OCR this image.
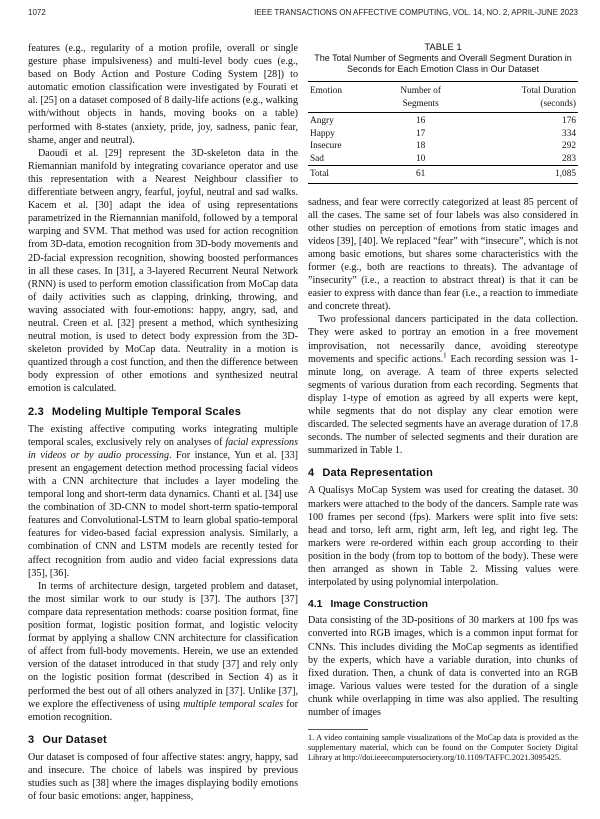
1072	IEEE TRANSACTIONS ON AFFECTIVE COMPUTING, VOL. 14, NO. 2, APRIL-JUNE 2023

features (e.g., regularity of a motion profile, overall or single gesture phase impulsiveness) and multi-level body cues (e.g., based on Body Action and Posture Coding System [28]) to automatic emotion classification were investigated by Fourati et al. [25] on a dataset composed of 8 daily-life actions (e.g., walking with/without objects in hands, moving books on a table) performed with 8-states (anxiety, pride, joy, sadness, panic fear, shame, anger and neutral).

Daoudi et al. [29] represent the 3D-skeleton data in the Riemannian manifold by integrating covariance operator and use this representation with a Nearest Neighbour classifier to differentiate between angry, fearful, joyful, neutral and sad walks. Kacem et al. [30] adapt the idea of using representations parametrized in the Riemannian manifold, followed by a temporal warping and SVM. That method was used for action recognition from 3D-data, emotion recognition from 3D-body movements and 2D-facial expression recognition, showing boosted performances in all these cases. In [31], a 3-layered Recurrent Neural Network (RNN) is used to perform emotion classification from MoCap data of daily activities such as clapping, drinking, throwing, and waving associated with four-emotions: happy, angry, sad, and neutral. Creen et al. [32] present a method, which synthesizing neutral motion, is used to detect body expression from the 3D-skeleton provided by MoCap data. Neutrality in a motion is quantized through a cost function, and then the difference between body expression of other emotions and synthesized neutral emotion is calculated.

2.3 Modeling Multiple Temporal Scales

The existing affective computing works integrating multiple temporal scales, exclusively rely on analyses of facial expressions in videos or by audio processing. For instance, Yun et al. [33] present an engagement detection method processing facial videos with a CNN architecture that includes a layer modeling the temporal long and short-term data dynamics. Chanti et al. [34] use the combination of 3D-CNN to model short-term spatio-temporal features and Convolutional-LSTM to learn global spatio-temporal features for video-based facial expression analysis. Similarly, a combination of CNN and LSTM models are recently tested for affect recognition from audio and video facial expressions data [35], [36].

In terms of architecture design, targeted problem and dataset, the most similar work to our study is [37]. The authors [37] compare data representation methods: coarse position format, fine position format, logistic position format, and logistic velocity format by applying a shallow CNN architecture for classification of affect from full-body movements. Herein, we use an extended version of the dataset introduced in that study [37] and rely only on the logistic position format (described in Section 4) as it performed the best out of all others analyzed in [37]. Unlike [37], we explore the effectiveness of using multiple temporal scales for emotion recognition.

3 Our Dataset

Our dataset is composed of four affective states: angry, happy, sad and insecure. The choice of labels was inspired by previous studies such as [38] where the images displaying bodily emotions of four basic emotions: anger, happiness,

TABLE 1
The Total Number of Segments and Overall Segment Duration in Seconds for Each Emotion Class in Our Dataset
Emotion	Number of	Total Duration
	Segments	(seconds)
Angry	16	176
Happy	17	334
Insecure	18	292
Sad	10	283
Total	61	1,085

sadness, and fear were correctly categorized at least 85 percent of all the cases. The same set of four labels was also considered in other studies on perception of emotions from static images and videos [39], [40]. We replaced “fear” with “insecure”, which is not among basic emotions, but shares some characteristics with the former (e.g., both are reactions to threats). The advantage of ”insecurity” (i.e., a reaction to abstract threat) is that it can be easier to express with dance than fear (i.e., a reaction to immediate and concrete threat).

Two professional dancers participated in the data collection. They were asked to portray an emotion in a free movement improvisation, not necessarily dance, avoiding stereotype movements and specific actions.$^1$ Each recording session was 1-minute long, on average. A team of three experts selected segments of various duration from each recording. Segments that display 1-type of emotion as agreed by all experts were kept, while segments that do not display any clear emotion were discarded. The selected segments have an average duration of 17.8 seconds. The number of selected segments and their duration are summarized in Table 1.

4 Data Representation

A Qualisys MoCap System was used for creating the dataset. 30 markers were attached to the body of the dancers. Sample rate was 100 frames per second (fps). Markers were split into five sets: head and torso, left arm, right arm, left leg, and right leg. The markers were re-ordered within each group according to their position in the body (from top to bottom of the body). These were then arranged as shown in Table 2. Missing values were interpolated by using polynomial interpolation.

4.1 Image Construction

Data consisting of the 3D-positions of 30 markers at 100 fps was converted into RGB images, which is a common input format for CNNs. This includes dividing the MoCap segments as identified by the experts, which have a variable duration, into chunks of fixed duration. Then, a chunk of data is converted into an RGB image. Various values were tested for the duration of a single chunk while overlapping in time was also applied. The resulting number of images

1. A video containing sample visualizations of the MoCap data is provided as the supplementary material, which can be found on the Computer Society Digital Library at http://doi.ieeecomputersociety.org/10.1109/TAFFC.2021.3095425.
